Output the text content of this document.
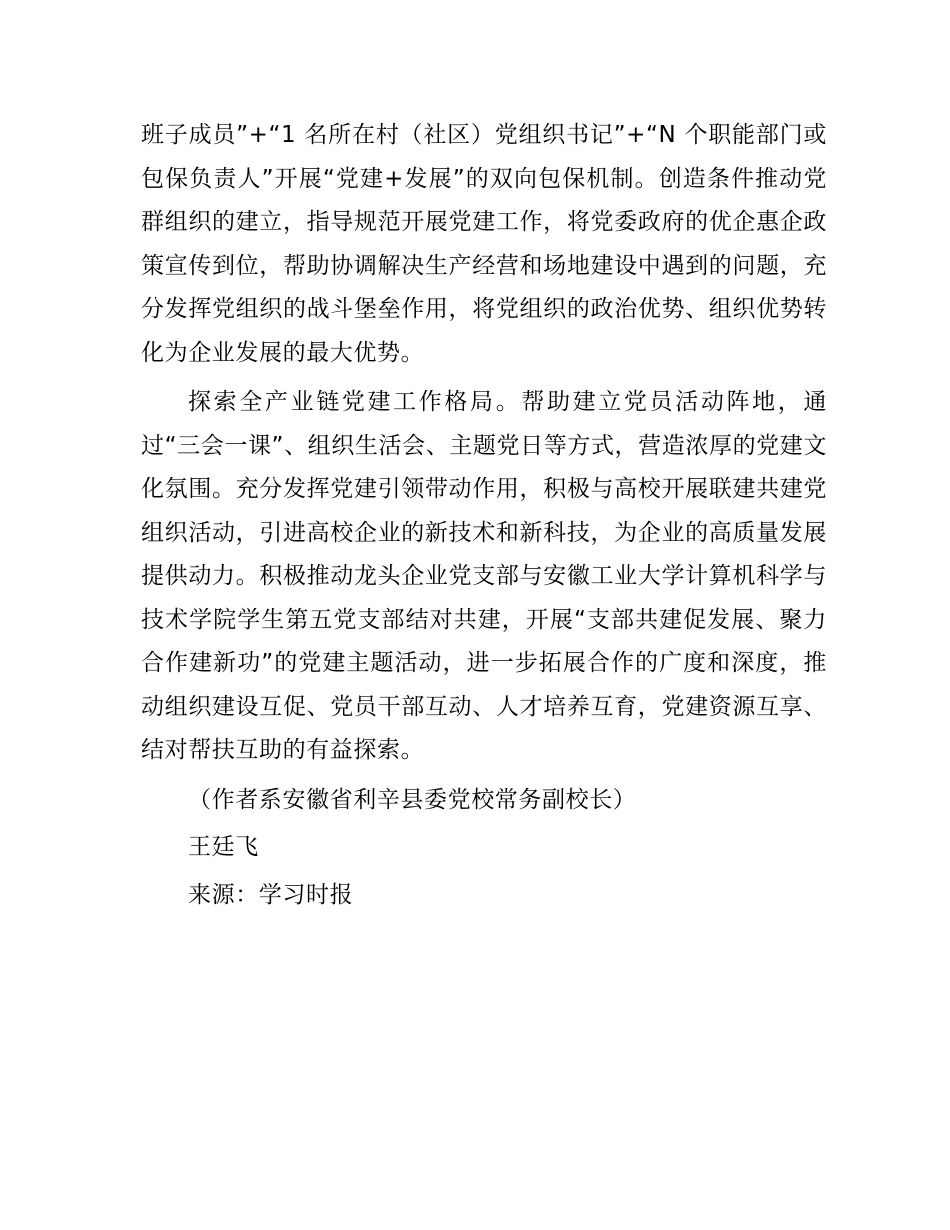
班子成员”+“1 名所在村（社区）党组织书记”+“N 个职能部门或包保负责人”开展“党建+发展”的双向包保机制。创造条件推动党群组织的建立，指导规范开展党建工作，将党委政府的优企惠企政策宣传到位，帮助协调解决生产经营和场地建设中遇到的问题，充分发挥党组织的战斗堡垒作用，将党组织的政治优势、组织优势转化为企业发展的最大优势。

探索全产业链党建工作格局。帮助建立党员活动阵地，通过“三会一课”、组织生活会、主题党日等方式，营造浓厚的党建文化氛围。充分发挥党建引领带动作用，积极与高校开展联建共建党组织活动，引进高校企业的新技术和新科技，为企业的高质量发展提供动力。积极推动龙头企业党支部与安徽工业大学计算机科学与技术学院学生第五党支部结对共建，开展“支部共建促发展、聚力合作建新功”的党建主题活动，进一步拓展合作的广度和深度，推动组织建设互促、党员干部互动、人才培养互育，党建资源互享、结对帮扶互助的有益探索。

（作者系安徽省利辛县委党校常务副校长）
王廷飞
来源：学习时报
